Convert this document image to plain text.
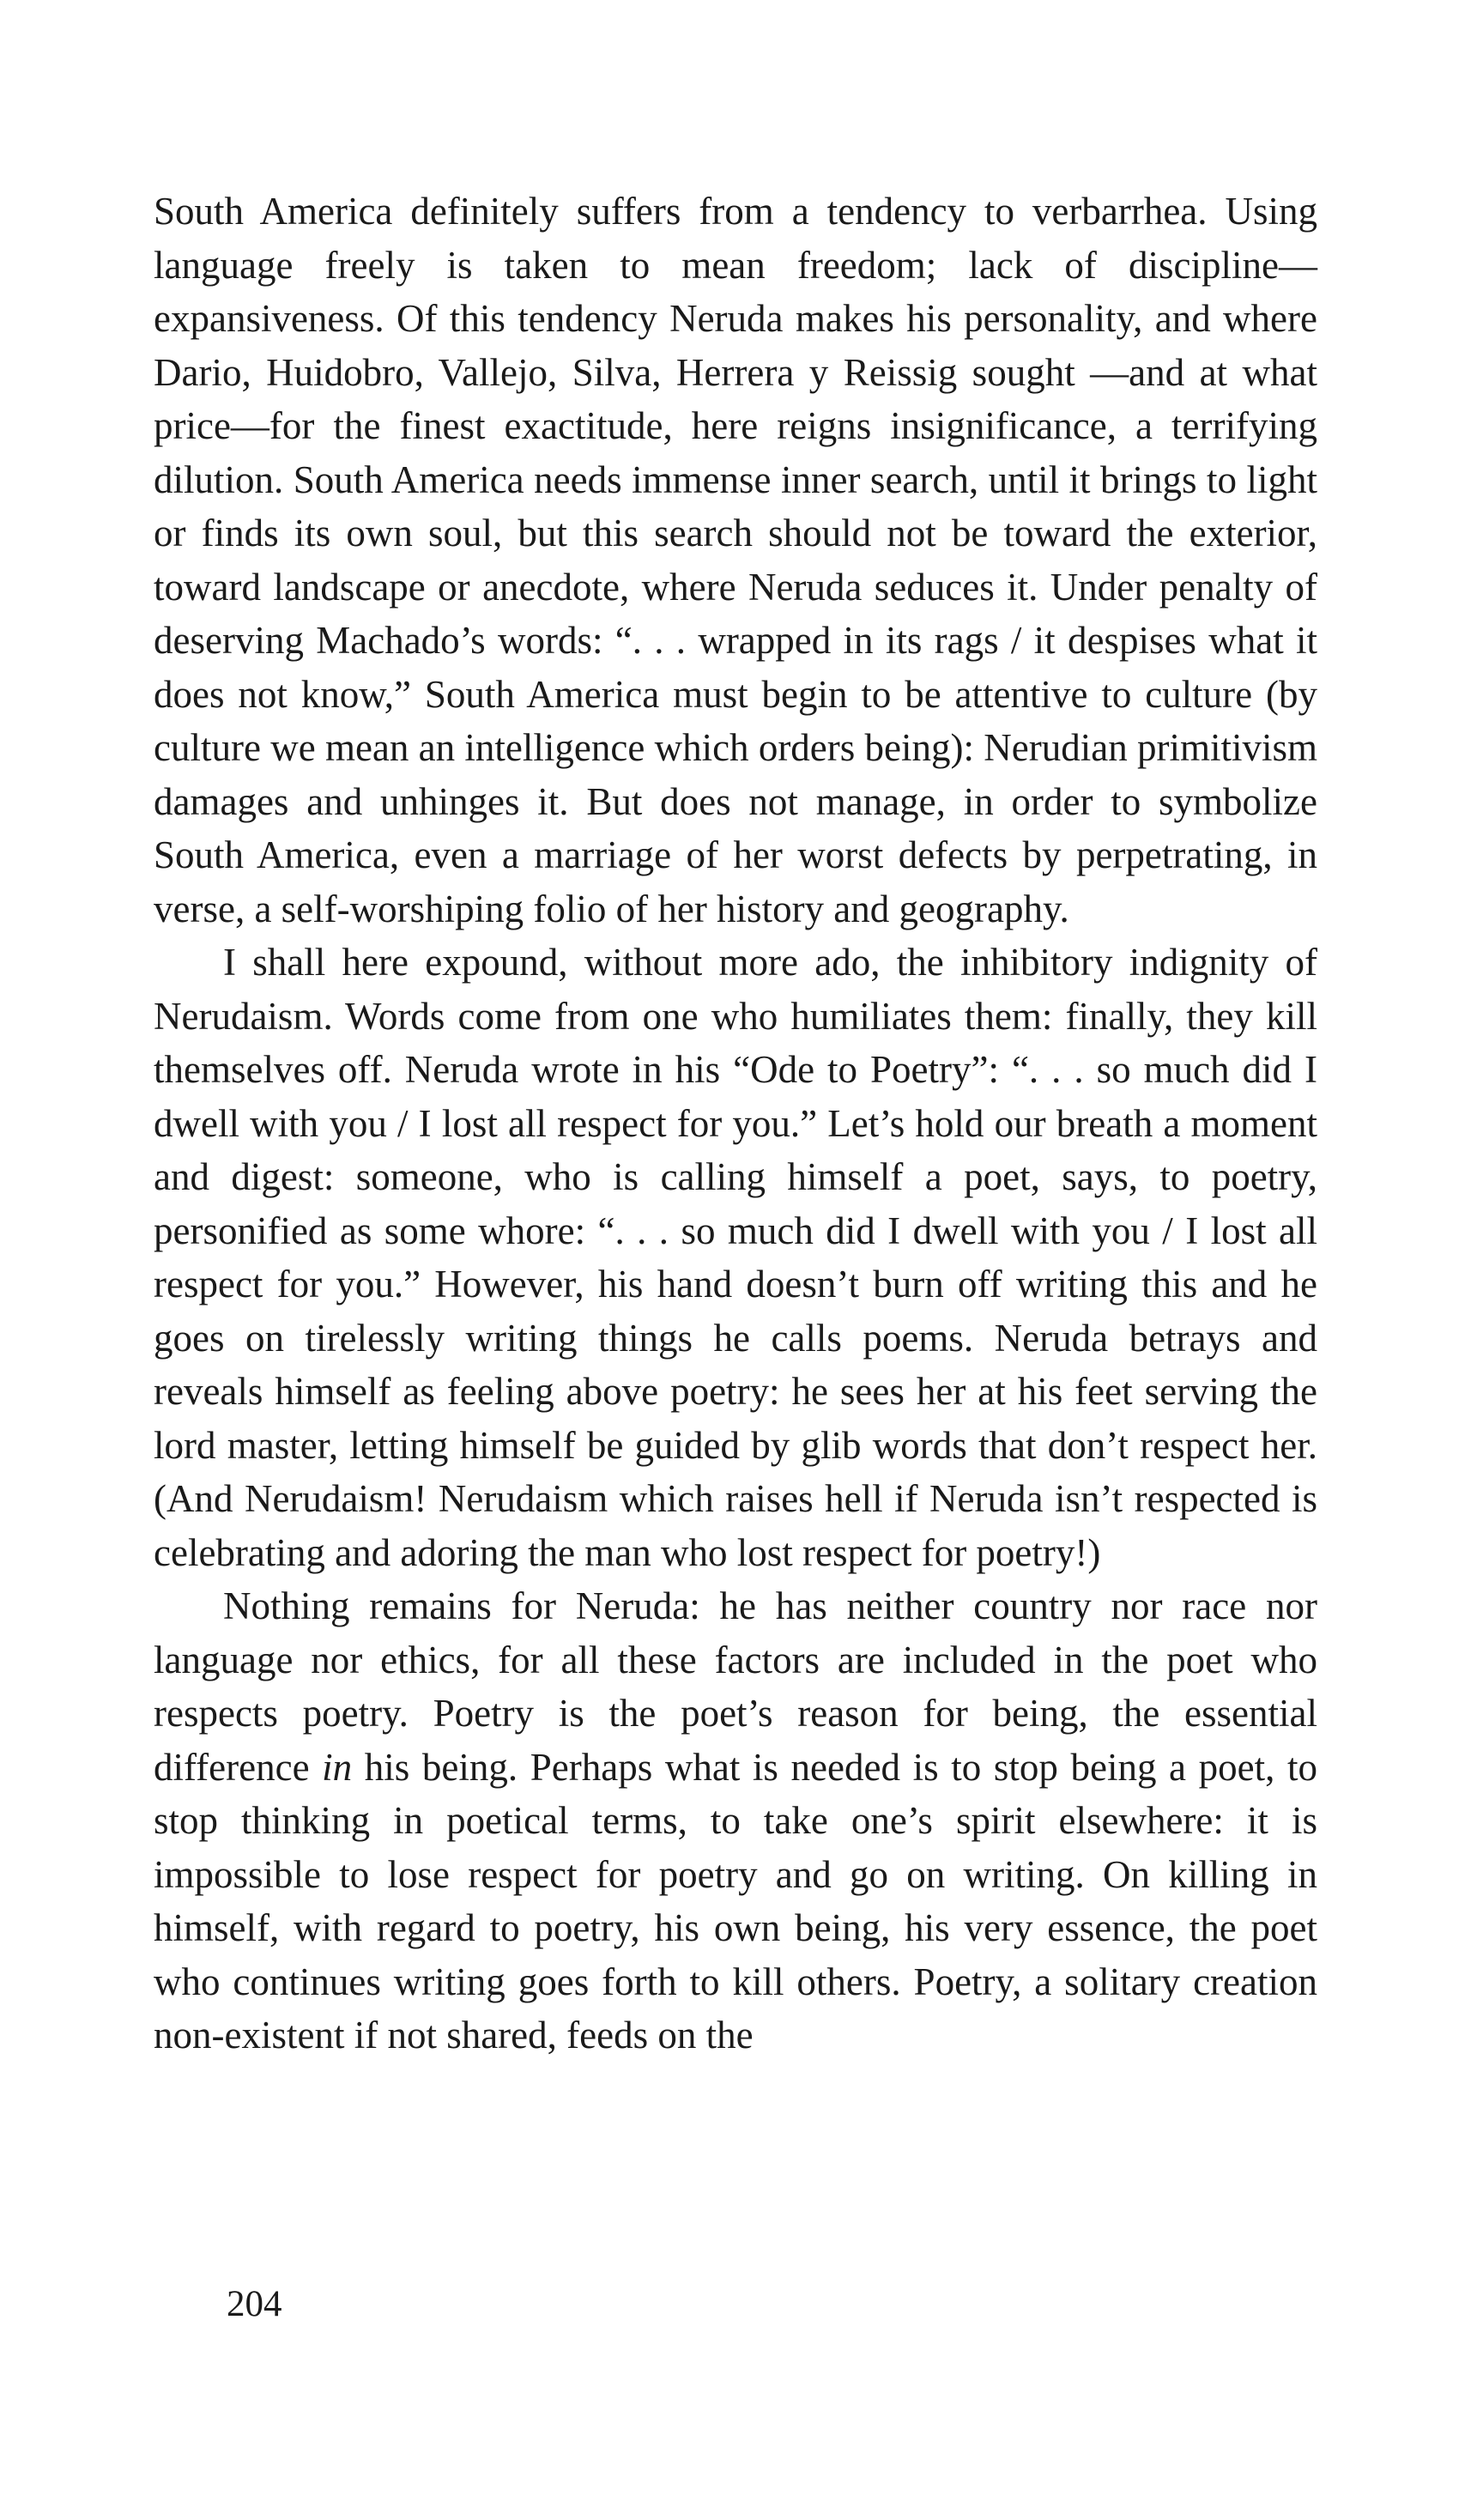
South America definitely suffers from a tendency to verbarrhea. Using language freely is taken to mean freedom; lack of discipline—expansiveness. Of this tendency Neruda makes his personality, and where Dario, Huidobro, Vallejo, Silva, Herrera y Reissig sought —and at what price—for the finest exactitude, here reigns insignificance, a terrifying dilution. South America needs immense inner search, until it brings to light or finds its own soul, but this search should not be toward the exterior, toward landscape or anecdote, where Neruda seduces it. Under penalty of deserving Machado’s words: “. . . wrapped in its rags / it despises what it does not know,” South America must begin to be attentive to culture (by culture we mean an intelligence which orders being): Nerudian primitivism damages and unhinges it. But does not manage, in order to symbolize South America, even a marriage of her worst defects by perpetrating, in verse, a self-worshiping folio of her history and geography.

I shall here expound, without more ado, the inhibitory indignity of Nerudaism. Words come from one who humiliates them: finally, they kill themselves off. Neruda wrote in his “Ode to Poetry”: “. . . so much did I dwell with you / I lost all respect for you.” Let’s hold our breath a moment and digest: someone, who is calling himself a poet, says, to poetry, personified as some whore: “. . . so much did I dwell with you / I lost all respect for you.” However, his hand doesn’t burn off writing this and he goes on tirelessly writing things he calls poems. Neruda betrays and reveals himself as feeling above poetry: he sees her at his feet serving the lord master, letting himself be guided by glib words that don’t respect her. (And Nerudaism! Nerudaism which raises hell if Neruda isn’t respected is celebrating and adoring the man who lost respect for poetry!)

Nothing remains for Neruda: he has neither country nor race nor language nor ethics, for all these factors are included in the poet who respects poetry. Poetry is the poet’s reason for being, the essential difference in his being. Perhaps what is needed is to stop being a poet, to stop thinking in poetical terms, to take one’s spirit elsewhere: it is impossible to lose respect for poetry and go on writing. On killing in himself, with regard to poetry, his own being, his very essence, the poet who continues writing goes forth to kill others. Poetry, a solitary creation non-existent if not shared, feeds on the

204
